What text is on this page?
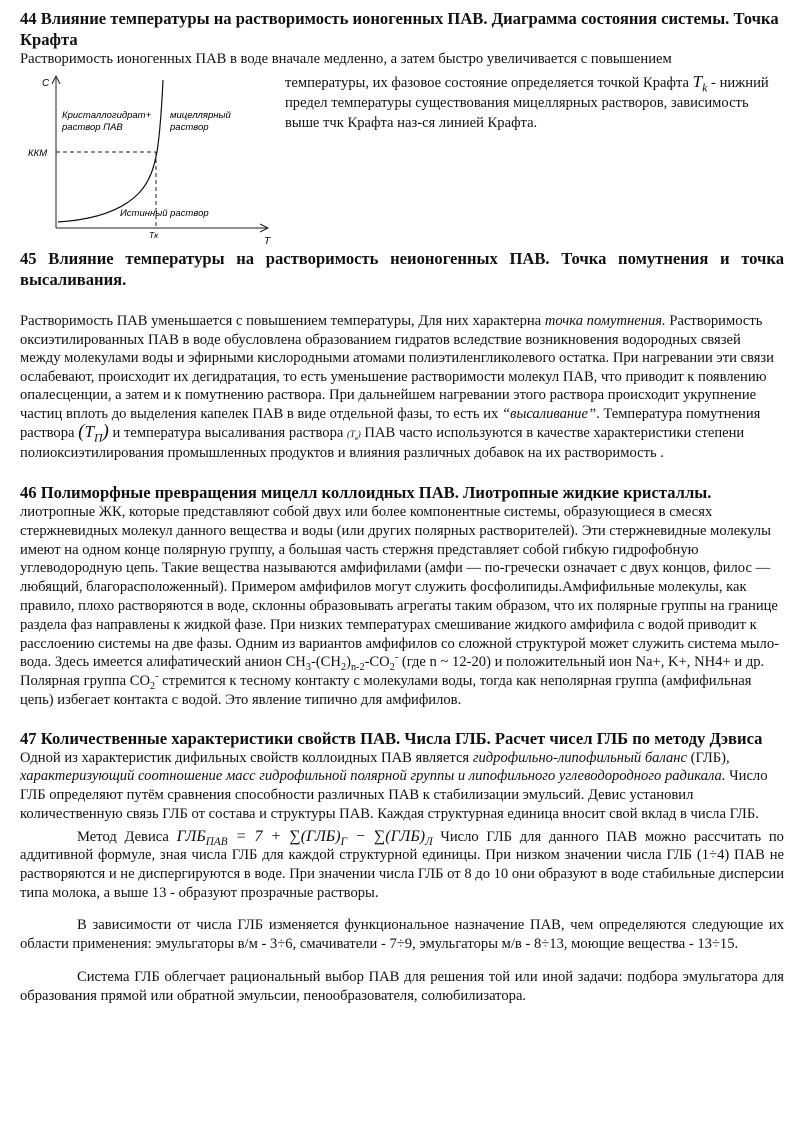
44 Влияние температуры на растворимость ионогенных ПАВ. Диаграмма состояния системы. Точка Крафта

Растворимость ионогенных ПАВ в воде вначале медленно, а затем быстро увеличивается с повышением

C
T
Кристаллогидрат+
раствор ПАВ
мицеллярный
раствор
Истинный раствор
ККМ
Tк

температуры, их фазовое состояние определяется точкой Крафта $T_k$ - нижний предел температуры существования мицеллярных растворов, зависимость выше тчк Крафта наз-ся линией Крафта.

45 Влияние температуры на растворимость неионогенных ПАВ. Точка помутнения и точка высаливания.

Растворимость ПАВ уменьшается с повышением температуры, Для них характерна точка помутнения. Растворимость оксиэтилированных ПАВ в воде обусловлена образованием гидратов вследствие возникновения водородных связей между молекулами воды и эфирными кислородными атомами полиэтиленгликолевого остатка. При нагревании эти связи ослабевают, происходит их дегидратация, то есть уменьшение растворимости молекул ПАВ, что приводит к появлению опалесценции, а затем и к помутнению раствора. При дальнейшем нагревании этого раствора происходит укрупнение частиц вплоть до выделения капелек ПАВ в виде отдельной фазы, то есть их “высаливание”. Температура помутнения раствора $(T_П)$ и температура высаливания раствора $(T_в)$ ПАВ часто используются в качестве характеристики степени полиоксиэтилирования промышленных продуктов и влияния различных добавок на их растворимость .

46 Полиморфные превращения мицелл коллоидных ПАВ. Лиотропные жидкие кристаллы.

лиотропные ЖК, которые представляют собой двух или более компонентные системы, образующиеся в смесях стержневидных молекул данного вещества и воды (или других полярных растворителей). Эти стержневидные молекулы имеют на одном конце полярную группу, а большая часть стержня представляет собой гибкую гидрофобную углеводородную цепь. Такие вещества называются амфифилами (амфи — по-гречески означает с двух концов, филос — любящий, благорасположенный). Примером амфифилов могут служить фосфолипиды.Амфифильные молекулы, как правило, плохо растворяются в воде, склонны образовывать агрегаты таким образом, что их полярные группы на границе раздела фаз направлены к жидкой фазе. При низких температурах смешивание жидкого амфифила с водой приводит к расслоению системы на две фазы. Одним из вариантов амфифилов со сложной структурой может служить система мыло-вода. Здесь имеется алифатический анион $CH_3-(CH_2)_{n-2}-CO_2^-$ (где n ~ 12-20) и положительный ион Na+, K+, NH4+ и др. Полярная группа $CO_2^-$ стремится к тесному контакту с молекулами воды, тогда как неполярная группа (амфифильная цепь) избегает контакта с водой. Это явление типично для амфифилов.

47 Количественные характеристики свойств ПАВ. Числа ГЛБ. Расчет чисел ГЛБ по методу Дэвиса

Одной из характеристик дифильных свойств коллоидных ПАВ является гидрофильно-липофильный баланс (ГЛБ), характеризующий соотношение масс гидрофильной полярной группы и липофильного углеводородного радикала. Число ГЛБ определяют путём сравнения способности различных ПАВ к стабилизации эмульсий. Девис установил количественную связь ГЛБ от состава и структуры ПАВ. Каждая структурная единица вносит свой вклад в числа ГЛБ.

Метод Девиса $ГЛБ_{ПАВ} = 7 + \sum(ГЛБ)_Г - \sum(ГЛБ)_Л$ Число ГЛБ для данного ПАВ можно рассчитать по аддитивной формуле, зная числа ГЛБ для каждой структурной единицы. При низком значении числа ГЛБ (1÷4) ПАВ не растворяются и не диспергируются в воде. При значении числа ГЛБ от 8 до 10 они образуют в воде стабильные дисперсии типа молока, а выше 13 - образуют прозрачные растворы.

В зависимости от числа ГЛБ изменяется функциональное назначение ПАВ, чем определяются следующие их области применения: эмульгаторы в/м - 3÷6, смачиватели - 7÷9, эмульгаторы м/в - 8÷13, моющие вещества - 13÷15.

Система ГЛБ облегчает рациональный выбор ПАВ для решения той или иной задачи: подбора эмульгатора для образования прямой или обратной эмульсии, пенообразователя, солюбилизатора.
